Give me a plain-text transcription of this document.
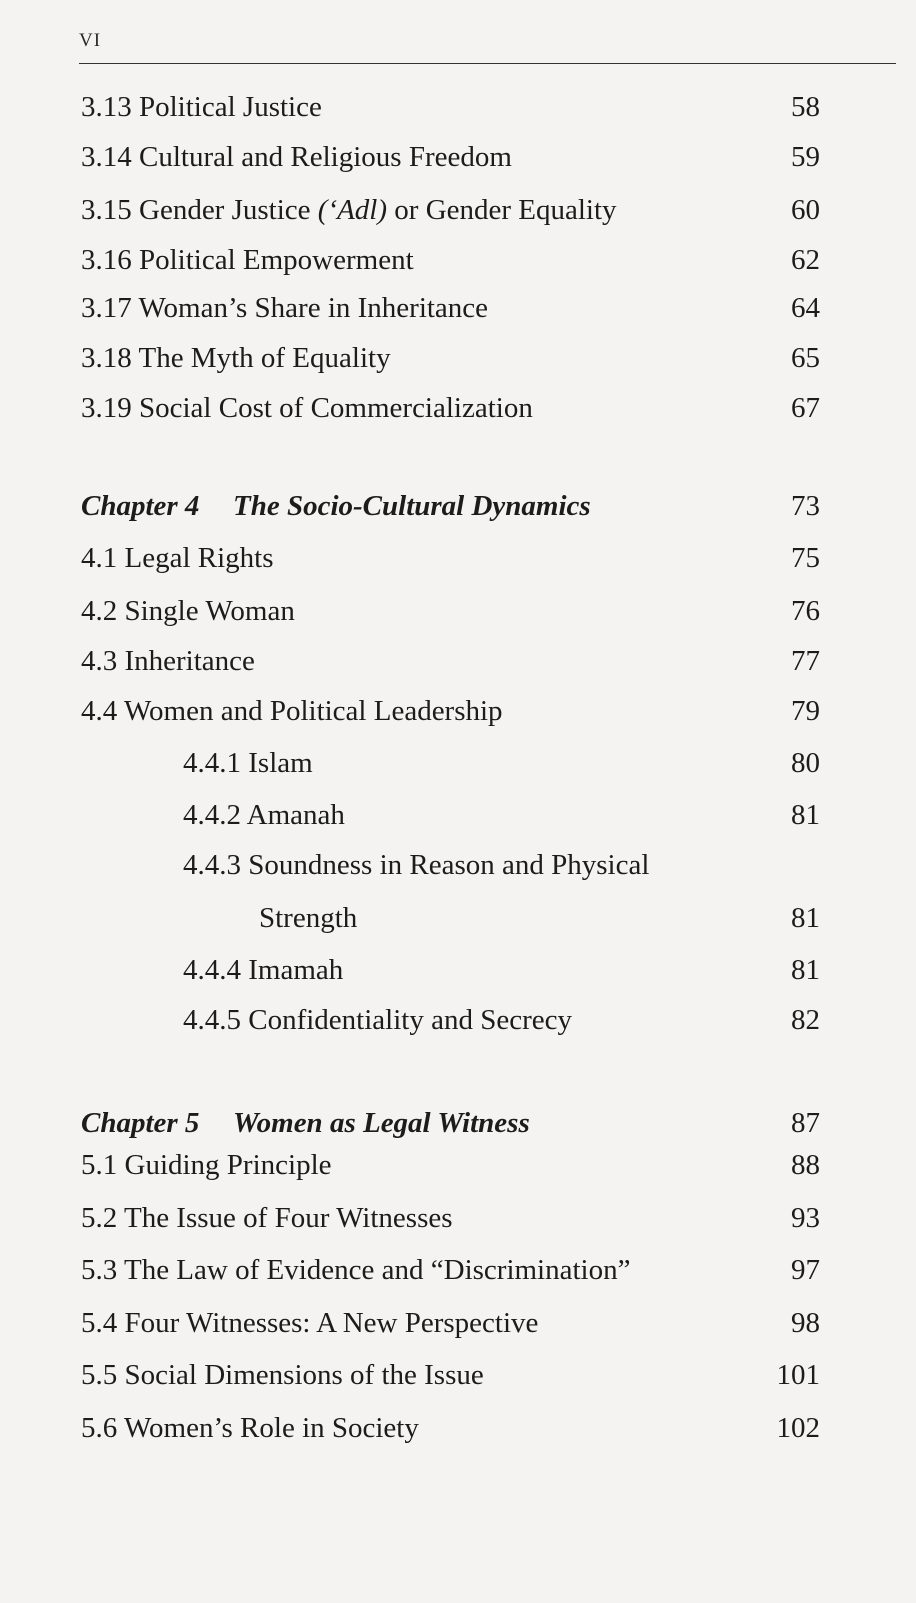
VI
3.13 Political Justice	58
3.14 Cultural and Religious Freedom	59
3.15 Gender Justice (‘Adl) or Gender Equality	60
3.16 Political Empowerment	62
3.17 Woman’s Share in Inheritance	64
3.18 The Myth of Equality	65
3.19 Social Cost of Commercialization	67
Chapter 4 The Socio-Cultural Dynamics	73
4.1 Legal Rights	75
4.2 Single Woman	76
4.3 Inheritance	77
4.4 Women and Political Leadership	79
4.4.1 Islam	80
4.4.2 Amanah	81
4.4.3 Soundness in Reason and Physical
Strength	81
4.4.4 Imamah	81
4.4.5 Confidentiality and Secrecy	82
Chapter 5 Women as Legal Witness	87
5.1 Guiding Principle	88
5.2 The Issue of Four Witnesses	93
5.3 The Law of Evidence and “Discrimination”	97
5.4 Four Witnesses: A New Perspective	98
5.5 Social Dimensions of the Issue	101
5.6 Women’s Role in Society	102
